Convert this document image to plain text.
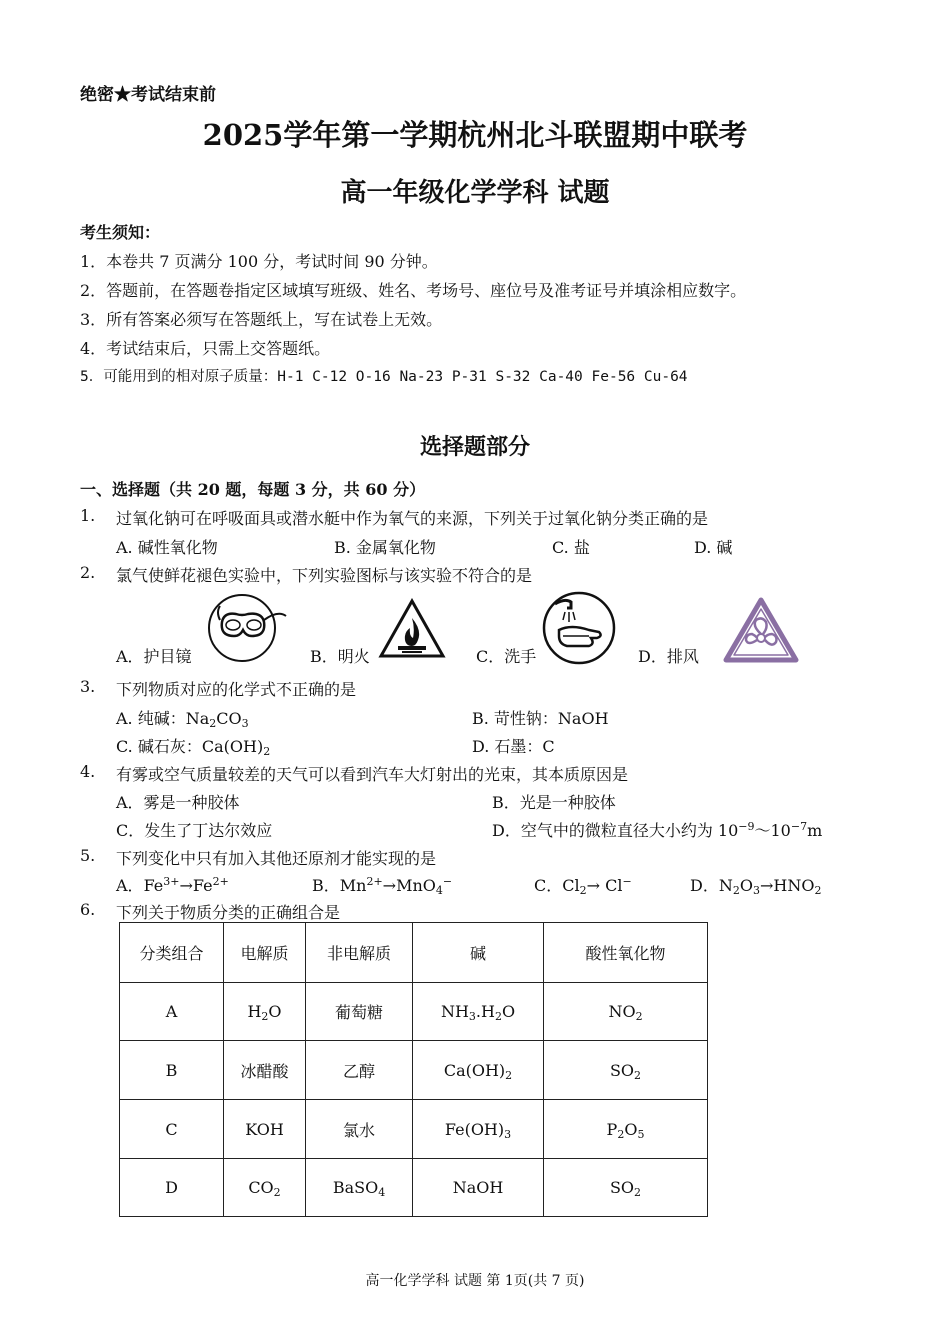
绝密★考试结束前
2025学年第一学期杭州北斗联盟期中联考
高一年级化学学科 试题
考生须知：
1．本卷共 7 页满分 100 分，考试时间 90 分钟。
2．答题前，在答题卷指定区域填写班级、姓名、考场号、座位号及准考证号并填涂相应数字。
3．所有答案必须写在答题纸上，写在试卷上无效。
4．考试结束后，只需上交答题纸。
5．可能用到的相对原子质量：H-1 C-12 O-16 Na-23 P-31 S-32 Ca-40 Fe-56 Cu-64
选择题部分
一、选择题（共 20 题，每题 3 分，共 60 分）
1. 过氧化钠可在呼吸面具或潜水艇中作为氧气的来源，下列关于过氧化钠分类正确的是
A. 碱性氧化物	B. 金属氧化物	C. 盐	D. 碱
2. 氯气使鲜花褪色实验中，下列实验图标与该实验不符合的是
A．护目镜	B．明火	C．洗手	D．排风
3. 下列物质对应的化学式不正确的是
A. 纯碱：$Na_2CO_3$	B. 苛性钠：NaOH
C. 碱石灰：$Ca(OH)_2$	D. 石墨：C
4. 有雾或空气质量较差的天气可以看到汽车大灯射出的光束，其本质原因是
A．雾是一种胶体	B．光是一种胶体
C．发生了丁达尔效应	D．空气中的微粒直径大小约为 $10^{-9}\sim 10^{-7}m$
5. 下列变化中只有加入其他还原剂才能实现的是
A．$Fe^{3+}\to Fe^{2+}$	B．$Mn^{2+}\to MnO_4^-$	C．$Cl_2\to Cl^-$	D．$N_2O_3\to HNO_2$
6. 下列关于物质分类的正确组合是
分类组合	电解质	非电解质	碱	酸性氧化物
A	$H_2O$	葡萄糖	$NH_3.H_2O$	$NO_2$
B	冰醋酸	乙醇	$Ca(OH)_2$	$SO_2$
C	KOH	氯水	$Fe(OH)_3$	$P_2O_5$
D	$CO_2$	BaSO$_4$	NaOH	$SO_2$
高一化学学科 试题 第 1页(共 7 页)
